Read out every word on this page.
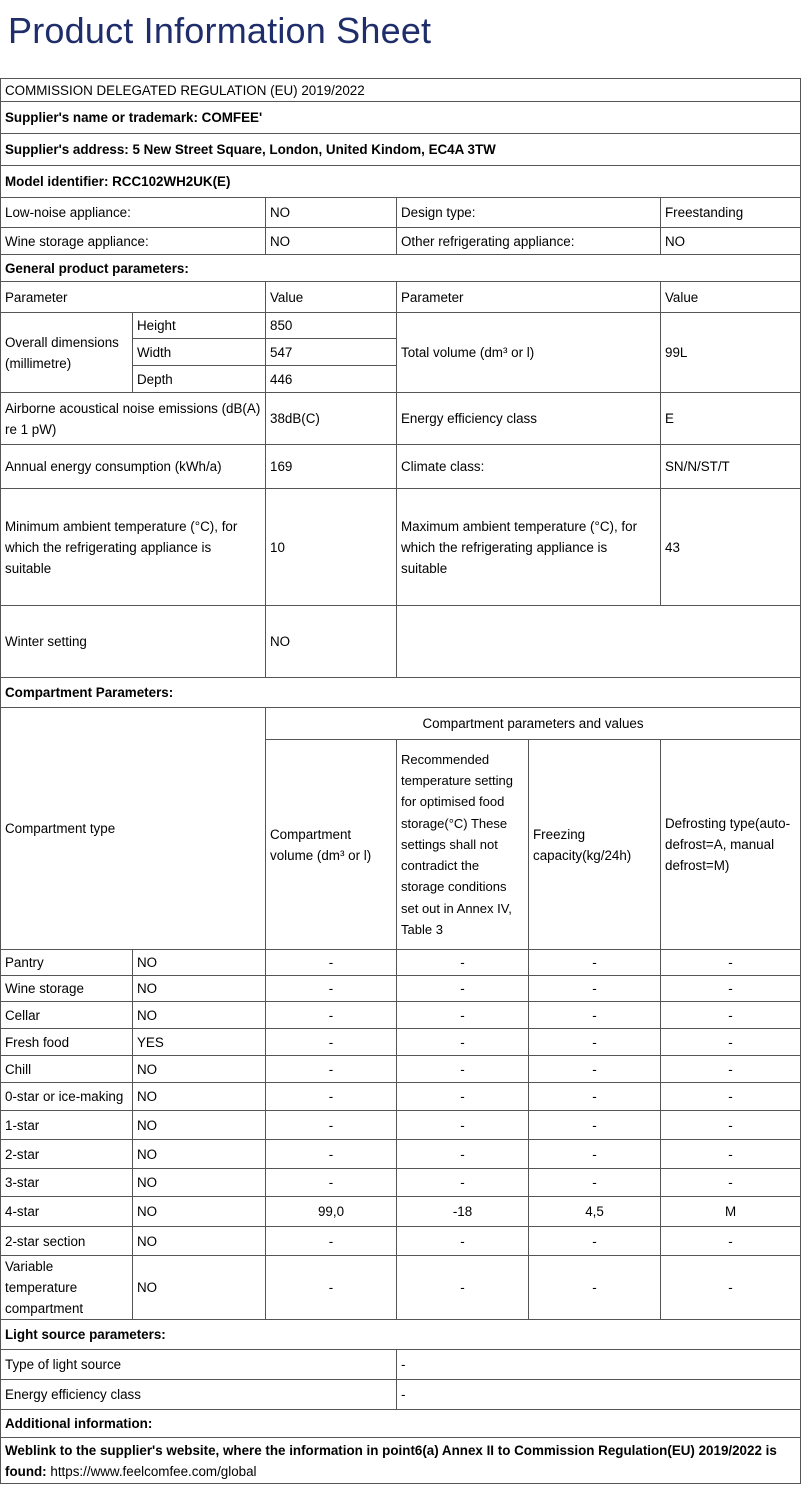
Product Information Sheet
COMMISSION DELEGATED REGULATION (EU) 2019/2022					
Supplier's name or trademark: COMFEE'					
Supplier's address: 5 New Street Square, London, United Kindom, EC4A 3TW					
Model identifier: RCC102WH2UK(E)					
Low-noise appliance:		NO	Design type:		Freestanding
Wine storage appliance:		NO	Other refrigerating appliance:		NO
General product parameters:					
Parameter		Value	Parameter		Value
Overall dimensions (millimetre)	Height	850	Total volume (dm³ or l)		99L
	Width	547			
	Depth	446			
Airborne acoustical noise emissions (dB(A) re 1 pW)		38dB(C)	Energy efficiency class		E
Annual energy consumption (kWh/a)		169	Climate class:		SN/N/ST/T
Minimum ambient temperature (°C), for which the refrigerating appliance is suitable		10	Maximum ambient temperature (°C), for which the refrigerating appliance is suitable		43
Winter setting		NO			
Compartment Parameters:					
Compartment type		Compartment parameters and values			
		Compartment volume (dm³ or l)	Recommended temperature setting for optimised food storage(°C) These settings shall not contradict the storage conditions set out in Annex IV, Table 3	Freezing capacity(kg/24h)	Defrosting type(auto-defrost=A, manual defrost=M)
Pantry	NO	-	-	-	-
Wine storage	NO	-	-	-	-
Cellar	NO	-	-	-	-
Fresh food	YES	-	-	-	-
Chill	NO	-	-	-	-
0-star or ice-making	NO	-	-	-	-
1-star	NO	-	-	-	-
2-star	NO	-	-	-	-
3-star	NO	-	-	-	-
4-star	NO	99,0	-18	4,5	M
2-star section	NO	-	-	-	-
Variable temperature compartment	NO	-	-	-	-
Light source parameters:					
Type of light source			-		
Energy efficiency class			-		
Additional information:					
Weblink to the supplier's website, where the information in point6(a) Annex II to Commission Regulation(EU) 2019/2022 is found: https://www.feelcomfee.com/global					
